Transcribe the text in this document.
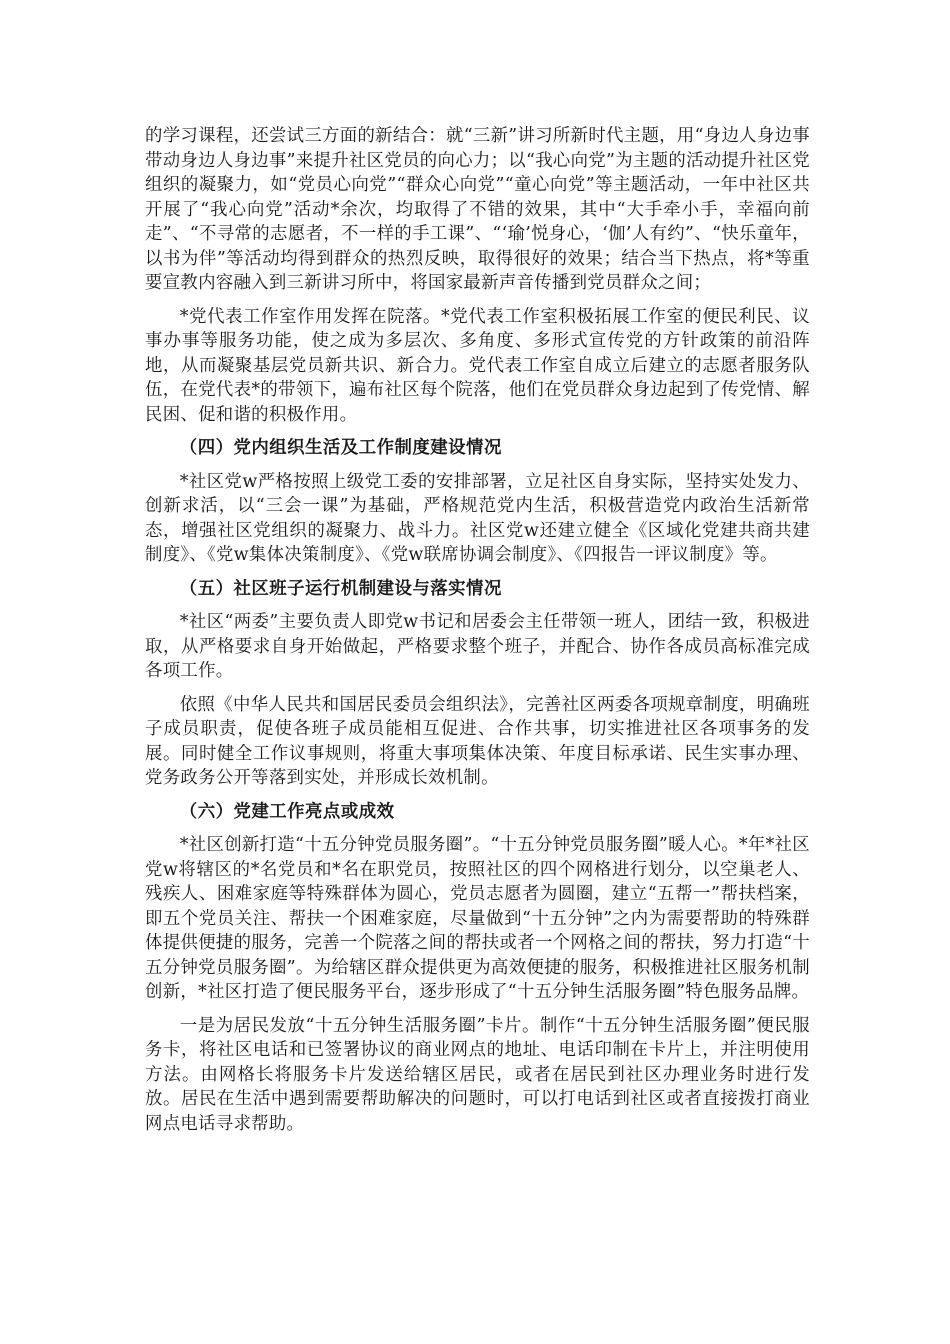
的学习课程，还尝试三方面的新结合：就“三新”讲习所新时代主题，用“身边人身边事带动身边人身边事”来提升社区党员的向心力；以“我心向党”为主题的活动提升社区党组织的凝聚力，如“党员心向党”“群众心向党”“童心向党”等主题活动，一年中社区共开展了“我心向党”活动*余次，均取得了不错的效果，其中“大手牵小手，幸福向前走”、“不寻常的志愿者，不一样的手工课”、“‘瑜’悦身心，‘伽’人有约”、“快乐童年，以书为伴”等活动均得到群众的热烈反映，取得很好的效果；结合当下热点，将*等重要宣教内容融入到三新讲习所中，将国家最新声音传播到党员群众之间；

*党代表工作室作用发挥在院落。*党代表工作室积极拓展工作室的便民利民、议事办事等服务功能，使之成为多层次、多角度、多形式宣传党的方针政策的前沿阵地，从而凝聚基层党员新共识、新合力。党代表工作室自成立后建立的志愿者服务队伍，在党代表*的带领下，遍布社区每个院落，他们在党员群众身边起到了传党情、解民困、促和谐的积极作用。

（四）党内组织生活及工作制度建设情况

*社区党w严格按照上级党工委的安排部署，立足社区自身实际，坚持实处发力、创新求活，以“三会一课”为基础，严格规范党内生活，积极营造党内政治生活新常态，增强社区党组织的凝聚力、战斗力。社区党w还建立健全《区域化党建共商共建制度》、《党w集体决策制度》、《党w联席协调会制度》、《四报告一评议制度》等。

（五）社区班子运行机制建设与落实情况

*社区“两委”主要负责人即党w书记和居委会主任带领一班人，团结一致，积极进取，从严格要求自身开始做起，严格要求整个班子，并配合、协作各成员高标准完成各项工作。

依照《中华人民共和国居民委员会组织法》，完善社区两委各项规章制度，明确班子成员职责，促使各班子成员能相互促进、合作共事，切实推进社区各项事务的发展。同时健全工作议事规则，将重大事项集体决策、年度目标承诺、民生实事办理、党务政务公开等落到实处，并形成长效机制。

（六）党建工作亮点或成效

*社区创新打造“十五分钟党员服务圈”。“十五分钟党员服务圈”暖人心。*年*社区党w将辖区的*名党员和*名在职党员，按照社区的四个网格进行划分，以空巢老人、残疾人、困难家庭等特殊群体为圆心，党员志愿者为圆圈，建立“五帮一”帮扶档案，即五个党员关注、帮扶一个困难家庭，尽量做到“十五分钟”之内为需要帮助的特殊群体提供便捷的服务，完善一个院落之间的帮扶或者一个网格之间的帮扶，努力打造“十五分钟党员服务圈”。为给辖区群众提供更为高效便捷的服务，积极推进社区服务机制创新，*社区打造了便民服务平台，逐步形成了“十五分钟生活服务圈”特色服务品牌。

一是为居民发放“十五分钟生活服务圈”卡片。制作“十五分钟生活服务圈”便民服务卡，将社区电话和已签署协议的商业网点的地址、电话印制在卡片上，并注明使用方法。由网格长将服务卡片发送给辖区居民，或者在居民到社区办理业务时进行发放。居民在生活中遇到需要帮助解决的问题时，可以打电话到社区或者直接拨打商业网点电话寻求帮助。
